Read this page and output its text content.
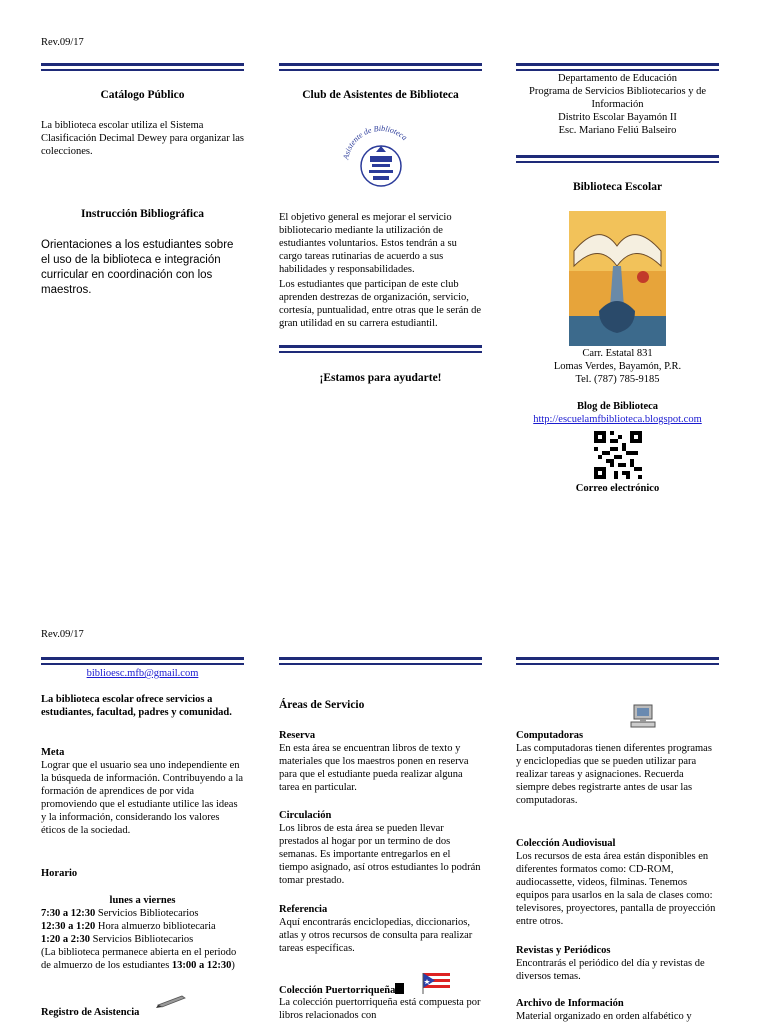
Rev.09/17
Catálogo Público

La biblioteca escolar utiliza el Sistema Clasificación Decimal Dewey para organizar las colecciones.

Instrucción Bibliográfica

Orientaciones a los estudiantes sobre el uso de la biblioteca e integración curricular en coordinación con los maestros.

Club de Asistentes de Biblioteca
Asistente de Biblioteca

El objetivo general es mejorar el servicio bibliotecario mediante la utilización de estudiantes voluntarios. Estos tendrán a su cargo tareas rutinarias de acuerdo a sus habilidades y responsabilidades.

Los estudiantes que participan de este club aprenden destrezas de organización, servicio, cortesía, puntualidad, entre otras que le serán de gran utilidad en su carrera estudiantil.

¡Estamos para ayudarte!
Departamento de Educación
Programa de Servicios Bibliotecarios y de Información
Distrito Escolar Bayamón II
Esc. Mariano Feliú Balseiro
Biblioteca Escolar
Carr. Estatal 831
Lomas Verdes, Bayamón, P.R.
Tel. (787) 785-9185
Blog de Biblioteca
http://escuelamfbiblioteca.blogspot.com
Correo electrónico
Rev.09/17
biblioesc.mfb@gmail.com

La biblioteca escolar ofrece servicios a estudiantes, facultad, padres y comunidad.

Meta

Lograr que el usuario sea uno independiente en la búsqueda de información. Contribuyendo a la formación de aprendices de por vida promoviendo que el estudiante utilice las ideas y la información, considerando los valores éticos de la sociedad.

Horario
lunes a viernes
7:30 a 12:30 Servicios Bibliotecarios
12:30 a 1:20 Hora almuerzo bibliotecaria
1:20 a 2:30 Servicios Bibliotecarios
(La biblioteca permanece abierta en el periodo de almuerzo de los estudiantes 13:00 a 12:30)
Registro de Asistencia
Áreas de Servicio
Reserva

En esta área se encuentran libros de texto y materiales que los maestros ponen en reserva para que el estudiante pueda realizar alguna tarea en particular.

Circulación

Los libros de esta área se pueden llevar prestados al hogar por un termino de dos semanas. Es importante entregarlos en el tiempo asignado, así otros estudiantes lo podrán tomar prestado.

Referencia

Aquí encontrarás enciclopedias, diccionarios, atlas y otros recursos de consulta para realizar tareas específicas.

Colección Puertorriqueña

La colección puertorriqueña está compuesta por libros relacionados con

Computadoras

Las computadoras tienen diferentes programas y enciclopedias que se pueden utilizar para realizar tareas y asignaciones. Recuerda siempre debes registrarte antes de usar las computadoras.

Colección Audiovisual

Los recursos de esta área están disponibles en diferentes formatos como: CD-ROM, audiocassette, videos, filminas. Tenemos equipos para usarlos en la sala de clases como: televisores, proyectores, pantalla de proyección entre otros.

Revistas y Periódicos

Encontrarás el periódico del día y revistas de diversos temas.

Archivo de Información

Material organizado en orden alfabético y
